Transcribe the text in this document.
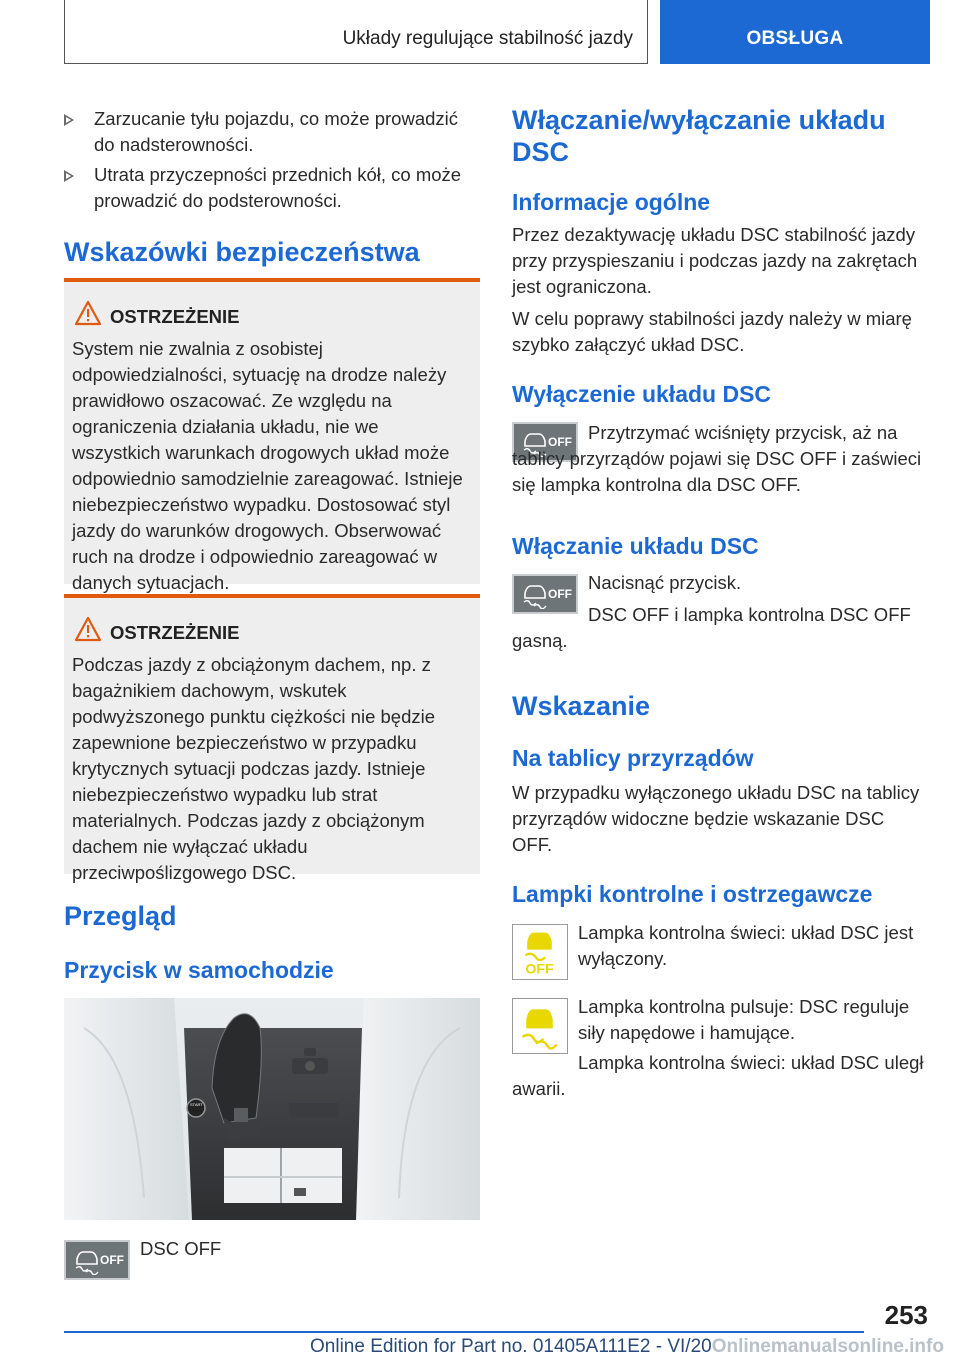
Układy regulujące stabilność jazdy	OBSŁUGA
Zarzucanie tyłu pojazdu, co może prowadzić do nadsterowności.
Utrata przyczepności przednich kół, co może prowadzić do podsterowności.
Wskazówki bezpieczeństwa
OSTRZEŻENIE
System nie zwalnia z osobistej odpowiedzialności, sytuację na drodze należy prawidłowo oszacować. Ze względu na ograniczenia działania układu, nie we wszystkich warunkach drogowych układ może odpowiednio samodzielnie zareagować. Istnieje niebezpieczeństwo wypadku. Dostosować styl jazdy do warunków drogowych. Obserwować ruch na drodze i odpowiednio zareagować w danych sytuacjach.
OSTRZEŻENIE
Podczas jazdy z obciążonym dachem, np. z bagażnikiem dachowym, wskutek podwyższonego punktu ciężkości nie będzie zapewnione bezpieczeństwo w przypadku krytycznych sytuacji podczas jazdy. Istnieje niebezpieczeństwo wypadku lub strat materialnych. Podczas jazdy z obciążonym dachem nie wyłączać układu przeciwpoślizgowego DSC.
Przegląd
Przycisk w samochodzie
START
OFF
DSC OFF
Włączanie/wyłączanie układu DSC
Informacje ogólne
Przez dezaktywację układu DSC stabilność jazdy przy przyspieszaniu i podczas jazdy na zakrętach jest ograniczona.
W celu poprawy stabilności jazdy należy w miarę szybko załączyć układ DSC.
Wyłączenie układu DSC
OFF Przytrzymać wciśnięty przycisk, aż na tablicy przyrządów pojawi się DSC OFF i zaświeci się lampka kontrolna dla DSC OFF.
Włączanie układu DSC
OFF
Nacisnąć przycisk.
DSC OFF i lampka kontrolna DSC OFF gasną.
Wskazanie
Na tablicy przyrządów
W przypadku wyłączonego układu DSC na tablicy przyrządów widoczne będzie wskazanie DSC OFF.
Lampki kontrolne i ostrzegawcze
OFF
Lampka kontrolna świeci: układ DSC jest wyłączony.
Lampka kontrolna pulsuje: DSC reguluje siły napędowe i hamujące.
Lampka kontrolna świeci: układ DSC uległ awarii.
253
Online Edition for Part no. 01405A111E2 - VI/20Onlinemanualsonline.info
